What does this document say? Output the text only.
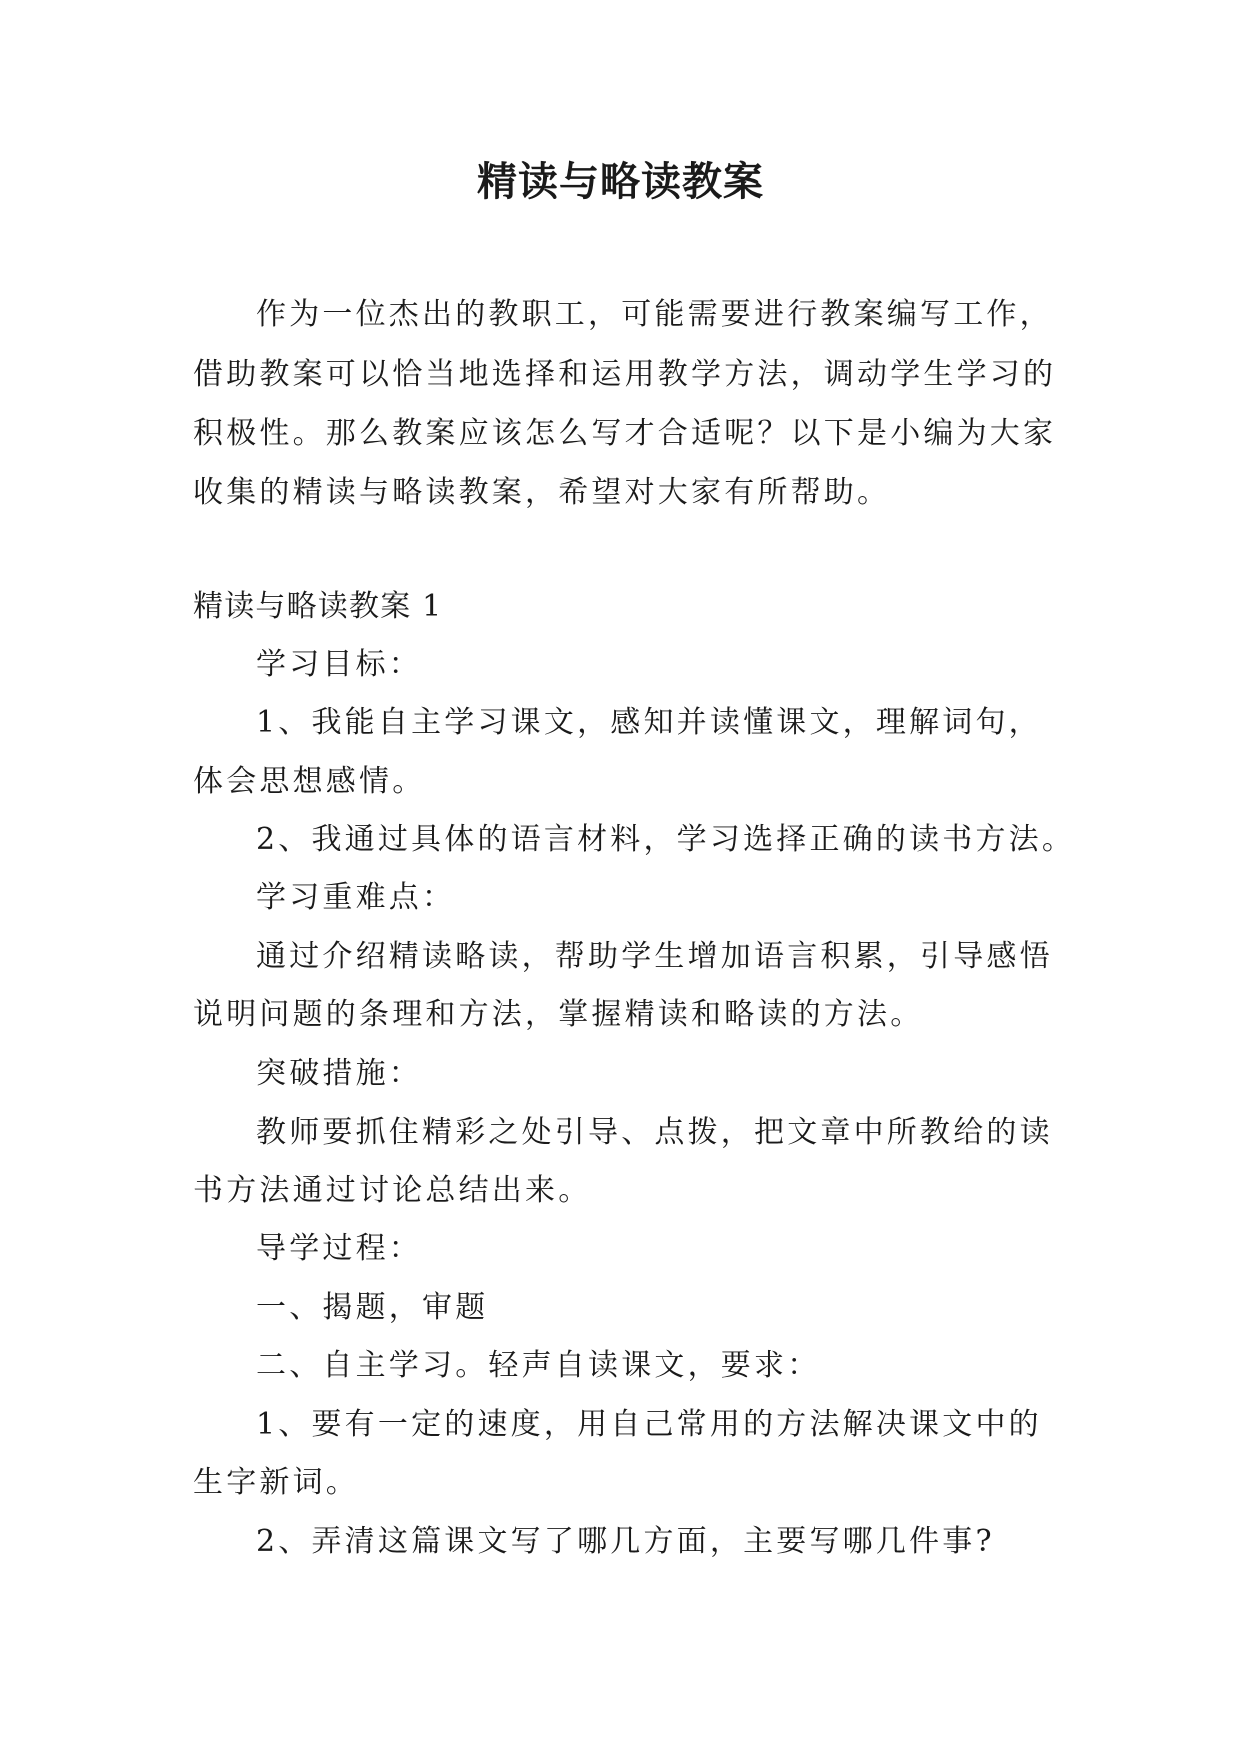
精读与略读教案
作为一位杰出的教职工，可能需要进行教案编写工作，
借助教案可以恰当地选择和运用教学方法，调动学生学习的
积极性。那么教案应该怎么写才合适呢？以下是小编为大家
收集的精读与略读教案，希望对大家有所帮助。
精读与略读教案 1
学习目标：
1、我能自主学习课文，感知并读懂课文，理解词句，
体会思想感情。
2、我通过具体的语言材料，学习选择正确的读书方法。
学习重难点：
通过介绍精读略读，帮助学生增加语言积累，引导感悟
说明问题的条理和方法，掌握精读和略读的方法。
突破措施：
教师要抓住精彩之处引导、点拨，把文章中所教给的读
书方法通过讨论总结出来。
导学过程：
一、揭题，审题
二、自主学习。轻声自读课文，要求：
1、要有一定的速度，用自己常用的方法解决课文中的
生字新词。
2、弄清这篇课文写了哪几方面，主要写哪几件事?
